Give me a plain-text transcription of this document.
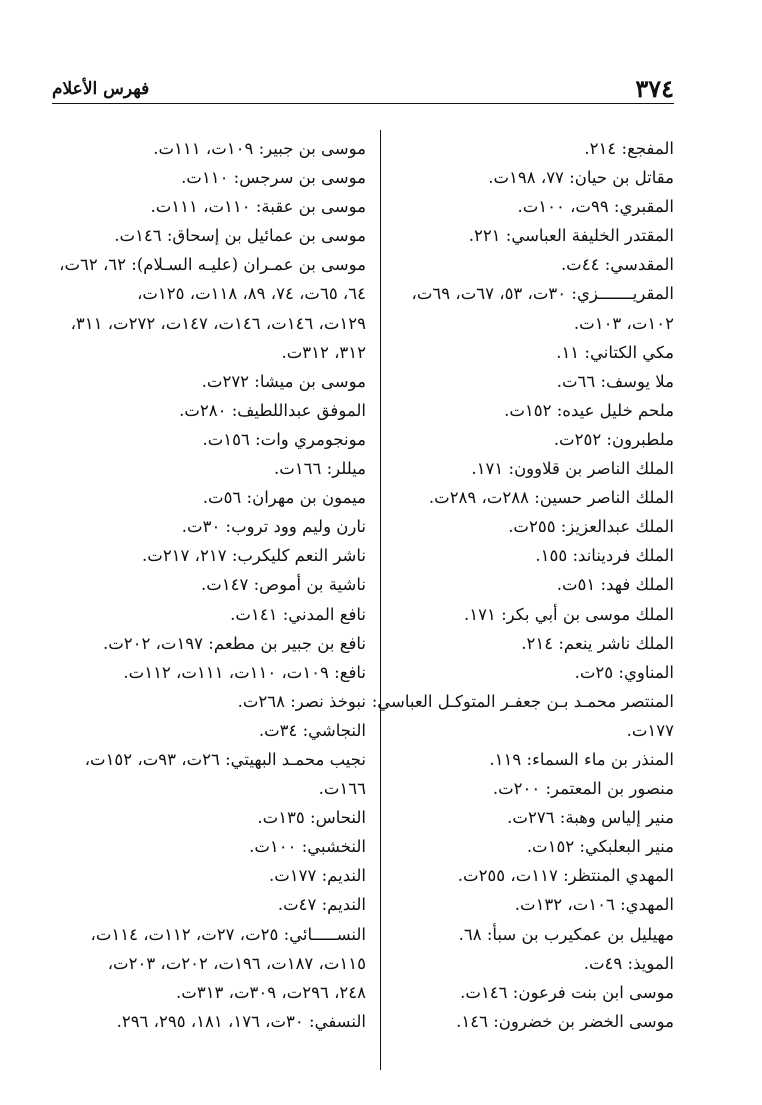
٣٧٤
فهرس الأعلام
المفجع: ٢١٤.
مقاتل بن حيان: ٧٧، ١٩٨ت.
المقبري: ٩٩ت، ١٠٠ت.
المقتدر الخليفة العباسي: ٢٢١.
المقدسي: ٤٤ت.
المقريـــــــزي: ٣٠ت، ٥٣، ٦٧ت، ٦٩ت،
١٠٢ت، ١٠٣ت.
مكي الكتاني: ١١.
ملا يوسف: ٦٦ت.
ملحم خليل عيده: ١٥٢ت.
ملطبرون: ٢٥٢ت.
الملك الناصر بن قلاوون: ١٧١.
الملك الناصر حسين: ٢٨٨ت، ٢٨٩ت.
الملك عبدالعزيز: ٢٥٥ت.
الملك فرديناند: ١٥٥.
الملك فهد: ٥١ت.
الملك موسى بن أبي بكر: ١٧١.
الملك ناشر ينعم: ٢١٤.
المناوي: ٢٥ت.
المنتصر محمـد بـن جعفـر المتوكـل العباسي:
١٧٧ت.
المنذر بن ماء السماء: ١١٩.
منصور بن المعتمر: ٢٠٠ت.
منير إلياس وهبة: ٢٧٦ت.
منير البعلبكي: ١٥٢ت.
المهدي المنتظر: ١١٧ت، ٢٥٥ت.
المهدي: ١٠٦ت، ١٣٢ت.
مهيليل بن عمكيرب بن سبأ: ٦٨.
المويذ: ٤٩ت.
موسى ابن بنت فرعون: ١٤٦ت.
موسى الخضر بن خضرون: ١٤٦.
موسى بن جبير: ١٠٩ت، ١١١ت.
موسى بن سرجس: ١١٠ت.
موسى بن عقبة: ١١٠ت، ١١١ت.
موسى بن عمائيل بن إسحاق: ١٤٦ت.
موسى بن عمـران (عليـه السـلام): ٦٢، ٦٢ت،
٦٤، ٦٥ت، ٧٤، ٨٩، ١١٨ت، ١٢٥ت،
١٢٩ت، ١٤٦ت، ١٤٦ت، ١٤٧ت، ٢٧٢ت، ٣١١،
٣١٢، ٣١٢ت.
موسى بن ميشا: ٢٧٢ت.
الموفق عبداللطيف: ٢٨٠ت.
مونجومري وات: ١٥٦ت.
ميللر: ١٦٦ت.
ميمون بن مهران: ٥٦ت.
نارن وليم وود تروب: ٣٠ت.
ناشر النعم كليكرب: ٢١٧، ٢١٧ت.
ناشية بن أموص: ١٤٧ت.
نافع المدني: ١٤١ت.
نافع بن جبير بن مطعم: ١٩٧ت، ٢٠٢ت.
نافع: ١٠٩ت، ١١٠ت، ١١١ت، ١١٢ت.
نبوخذ نصر: ٢٦٨ت.
النجاشي: ٣٤ت.
نجيب محمـد البهيتي: ٢٦ت، ٩٣ت، ١٥٢ت،
١٦٦ت.
النحاس: ١٣٥ت.
النخشبي: ١٠٠ت.
النديم: ١٧٧ت.
النديم: ٤٧ت.
النســـــائي: ٢٥ت، ٢٧ت، ١١٢ت، ١١٤ت،
١١٥ت، ١٨٧ت، ١٩٦ت، ٢٠٢ت، ٢٠٣ت،
٢٤٨، ٢٩٦ت، ٣٠٩ت، ٣١٣ت.
النسفي: ٣٠ت، ١٧٦، ١٨١، ٢٩٥، ٢٩٦.
